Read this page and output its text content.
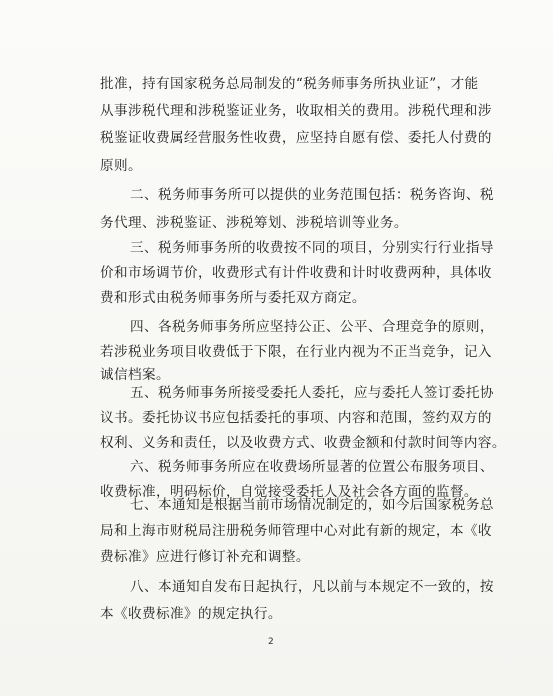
批准，持有国家税务总局制发的“税务师事务所执业证”，才能
从事涉税代理和涉税鉴证业务，收取相关的费用。涉税代理和涉
税鉴证收费属经营服务性收费，应坚持自愿有偿、委托人付费的
原则。
二、税务师事务所可以提供的业务范围包括：税务咨询、税
务代理、涉税鉴证、涉税筹划、涉税培训等业务。
三、税务师事务所的收费按不同的项目，分别实行行业指导
价和市场调节价，收费形式有计件收费和计时收费两种，具体收
费和形式由税务师事务所与委托双方商定。
四、各税务师事务所应坚持公正、公平、合理竞争的原则，
若涉税业务项目收费低于下限，在行业内视为不正当竞争，记入
诚信档案。
五、税务师事务所接受委托人委托，应与委托人签订委托协
议书。委托协议书应包括委托的事项、内容和范围，签约双方的
权利、义务和责任，以及收费方式、收费金额和付款时间等内容。
六、税务师事务所应在收费场所显著的位置公布服务项目、
收费标准，明码标价，自觉接受委托人及社会各方面的监督。
七、本通知是根据当前市场情况制定的，如今后国家税务总
局和上海市财税局注册税务师管理中心对此有新的规定，本《收
费标准》应进行修订补充和调整。
八、本通知自发布日起执行，凡以前与本规定不一致的，按
本《收费标准》的规定执行。
2
